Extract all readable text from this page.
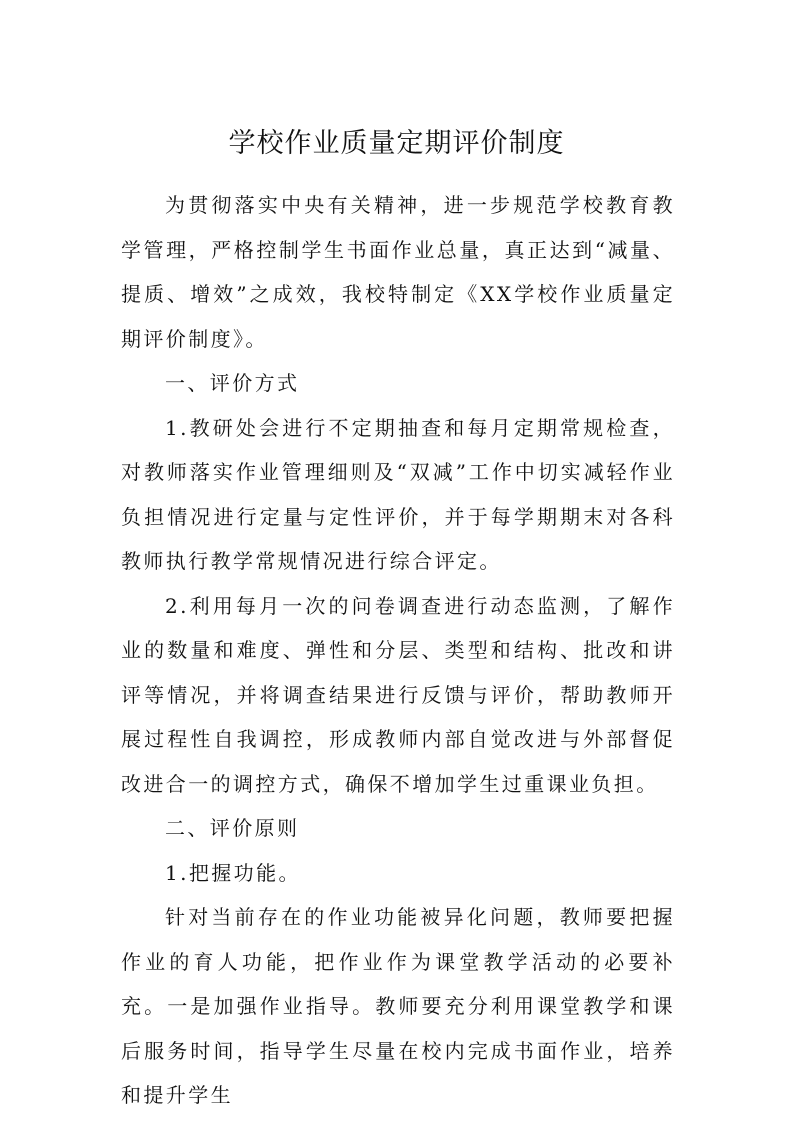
学校作业质量定期评价制度

为贯彻落实中央有关精神，进一步规范学校教育教学管理，严格控制学生书面作业总量，真正达到“减量、提质、增效”之成效，我校特制定《XX学校作业质量定期评价制度》。

一、评价方式

1.教研处会进行不定期抽查和每月定期常规检查，对教师落实作业管理细则及“双减”工作中切实减轻作业负担情况进行定量与定性评价，并于每学期期末对各科教师执行教学常规情况进行综合评定。

2.利用每月一次的问卷调查进行动态监测，了解作业的数量和难度、弹性和分层、类型和结构、批改和讲评等情况，并将调查结果进行反馈与评价，帮助教师开展过程性自我调控，形成教师内部自觉改进与外部督促改进合一的调控方式，确保不增加学生过重课业负担。

二、评价原则

1.把握功能。

针对当前存在的作业功能被异化问题，教师要把握作业的育人功能，把作业作为课堂教学活动的必要补充。一是加强作业指导。教师要充分利用课堂教学和课后服务时间，指导学生尽量在校内完成书面作业，培养和提升学生
